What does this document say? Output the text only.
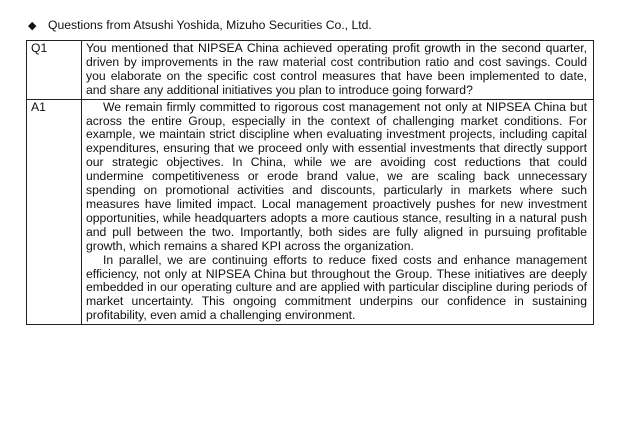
◆ Questions from Atsushi Yoshida, Mizuho Securities Co., Ltd.
Q1	You mentioned that NIPSEA China achieved operating profit growth in the second quarter, driven by improvements in the raw material cost contribution ratio and cost savings. Could you elaborate on the specific cost control measures that have been implemented to date, and share any additional initiatives you plan to introduce going forward?

A1	We remain firmly committed to rigorous cost management not only at NIPSEA China but across the entire Group, especially in the context of challenging market conditions. For example, we maintain strict discipline when evaluating investment projects, including capital expenditures, ensuring that we proceed only with essential investments that directly support our strategic objectives. In China, while we are avoiding cost reductions that could undermine competitiveness or erode brand value, we are scaling back unnecessary spending on promotional activities and discounts, particularly in markets where such measures have limited impact. Local management proactively pushes for new investment opportunities, while headquarters adopts a more cautious stance, resulting in a natural push and pull between the two. Importantly, both sides are fully aligned in pursuing profitable growth, which remains a shared KPI across the organization.

In parallel, we are continuing efforts to reduce fixed costs and enhance management efficiency, not only at NIPSEA China but throughout the Group. These initiatives are deeply embedded in our operating culture and are applied with particular discipline during periods of market uncertainty. This ongoing commitment underpins our confidence in sustaining profitability, even amid a challenging environment.
